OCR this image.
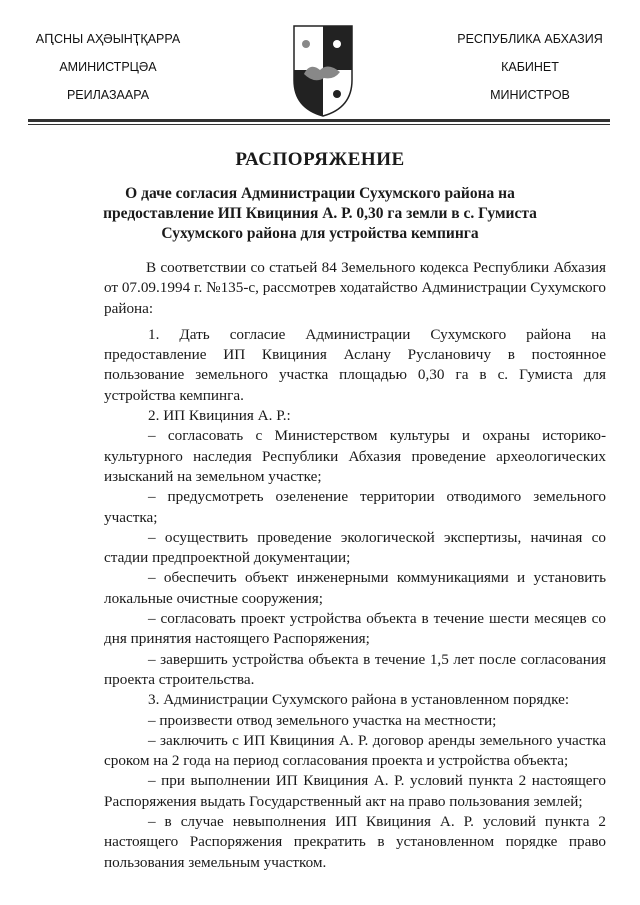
АԤСНЫ АҲӘЫНҬҚАРРА
АМИНИСТРЦӘА
РЕИЛАЗААРА
РЕСПУБЛИКА АБХАЗИЯ
КАБИНЕТ
МИНИСТРОВ
РАСПОРЯЖЕНИЕ
О даче согласия Администрации Сухумского района на предоставление ИП Квициния А. Р. 0,30 га земли в с. Гумиста Сухумского района для устройства кемпинга

В соответствии со статьей 84 Земельного кодекса Республики Абхазия от 07.09.1994 г. №135-с, рассмотрев ходатайство Администрации Сухумского района:

1. Дать согласие Администрации Сухумского района на предоставление ИП Квициния Аслану Руслановичу в постоянное пользование земельного участка площадью 0,30 га в с. Гумиста для устройства кемпинга.

2. ИП Квициния А. Р.:

– согласовать с Министерством культуры и охраны историко-культурного наследия Республики Абхазия проведение археологических изысканий на земельном участке;

– предусмотреть озеленение территории отводимого земельного участка;

– осуществить проведение экологической экспертизы, начиная со стадии предпроектной документации;

– обеспечить объект инженерными коммуникациями и установить локальные очистные сооружения;

– согласовать проект устройства объекта в течение шести месяцев со дня принятия настоящего Распоряжения;

– завершить устройства объекта в течение 1,5 лет после согласования проекта строительства.

3. Администрации Сухумского района в установленном порядке:

– произвести отвод земельного участка на местности;

– заключить с ИП Квициния А. Р. договор аренды земельного участка сроком на 2 года на период согласования проекта и устройства объекта;

– при выполнении ИП Квициния А. Р. условий пункта 2 настоящего Распоряжения выдать Государственный акт на право пользования землей;

– в случае невыполнения ИП Квициния А. Р. условий пункта 2 настоящего Распоряжения прекратить в установленном порядке право пользования земельным участком.
